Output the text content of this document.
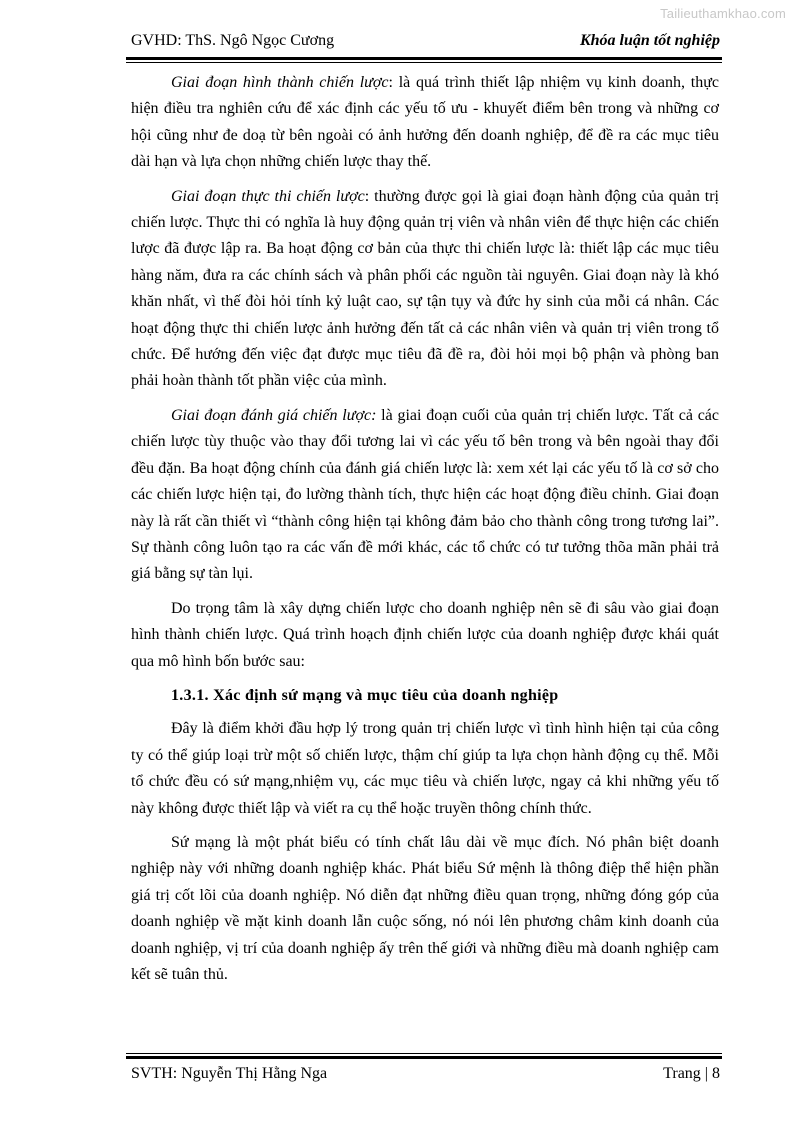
Tailieuthamkhao.com
GVHD: ThS. Ngô Ngọc Cương	Khóa luận tốt nghiệp

Giai đoạn hình thành chiến lược: là quá trình thiết lập nhiệm vụ kinh doanh, thực hiện điều tra nghiên cứu để xác định các yếu tố ưu - khuyết điểm bên trong và những cơ hội cũng như đe doạ từ bên ngoài có ảnh hưởng đến doanh nghiệp, để đề ra các mục tiêu dài hạn và lựa chọn những chiến lược thay thế.

Giai đoạn thực thi chiến lược: thường được gọi là giai đoạn hành động của quản trị chiến lược. Thực thi có nghĩa là huy động quản trị viên và nhân viên để thực hiện các chiến lược đã được lập ra. Ba hoạt động cơ bản của thực thi chiến lược là: thiết lập các mục tiêu hàng năm, đưa ra các chính sách và phân phối các nguồn tài nguyên. Giai đoạn này là khó khăn nhất, vì thế đòi hỏi tính kỷ luật cao, sự tận tụy và đức hy sinh của mỗi cá nhân. Các hoạt động thực thi chiến lược ảnh hưởng đến tất cả các nhân viên và quản trị viên trong tổ chức. Để hướng đến việc đạt được mục tiêu đã đề ra, đòi hỏi mọi bộ phận và phòng ban phải hoàn thành tốt phần việc của mình.

Giai đoạn đánh giá chiến lược: là giai đoạn cuối của quản trị chiến lược. Tất cả các chiến lược tùy thuộc vào thay đổi tương lai vì các yếu tố bên trong và bên ngoài thay đổi đều đặn. Ba hoạt động chính của đánh giá chiến lược là: xem xét lại các yếu tố là cơ sở cho các chiến lược hiện tại, đo lường thành tích, thực hiện các hoạt động điều chỉnh. Giai đoạn này là rất cần thiết vì “thành công hiện tại không đảm bảo cho thành công trong tương lai”. Sự thành công luôn tạo ra các vấn đề mới khác, các tổ chức có tư tưởng thõa mãn phải trả giá bằng sự tàn lụi.

Do trọng tâm là xây dựng chiến lược cho doanh nghiệp nên sẽ đi sâu vào giai đoạn hình thành chiến lược. Quá trình hoạch định chiến lược của doanh nghiệp được khái quát qua mô hình bốn bước sau:

1.3.1. Xác định sứ mạng và mục tiêu của doanh nghiệp

Đây là điểm khởi đầu hợp lý trong quản trị chiến lược vì tình hình hiện tại của công ty có thể giúp loại trừ một số chiến lược, thậm chí giúp ta lựa chọn hành động cụ thể. Mỗi tổ chức đều có sứ mạng,nhiệm vụ, các mục tiêu và chiến lược, ngay cả khi những yếu tố này không được thiết lập và viết ra cụ thể hoặc truyền thông chính thức.

Sứ mạng là một phát biểu có tính chất lâu dài về mục đích. Nó phân biệt doanh nghiệp này với những doanh nghiệp khác. Phát biểu Sứ mệnh là thông điệp thể hiện phần giá trị cốt lõi của doanh nghiệp. Nó diễn đạt những điều quan trọng, những đóng góp của doanh nghiệp về mặt kinh doanh lẫn cuộc sống, nó nói lên phương châm kinh doanh của doanh nghiệp, vị trí của doanh nghiệp ấy trên thế giới và những điều mà doanh nghiệp cam kết sẽ tuân thủ.

SVTH: Nguyễn Thị Hằng Nga	Trang | 8
